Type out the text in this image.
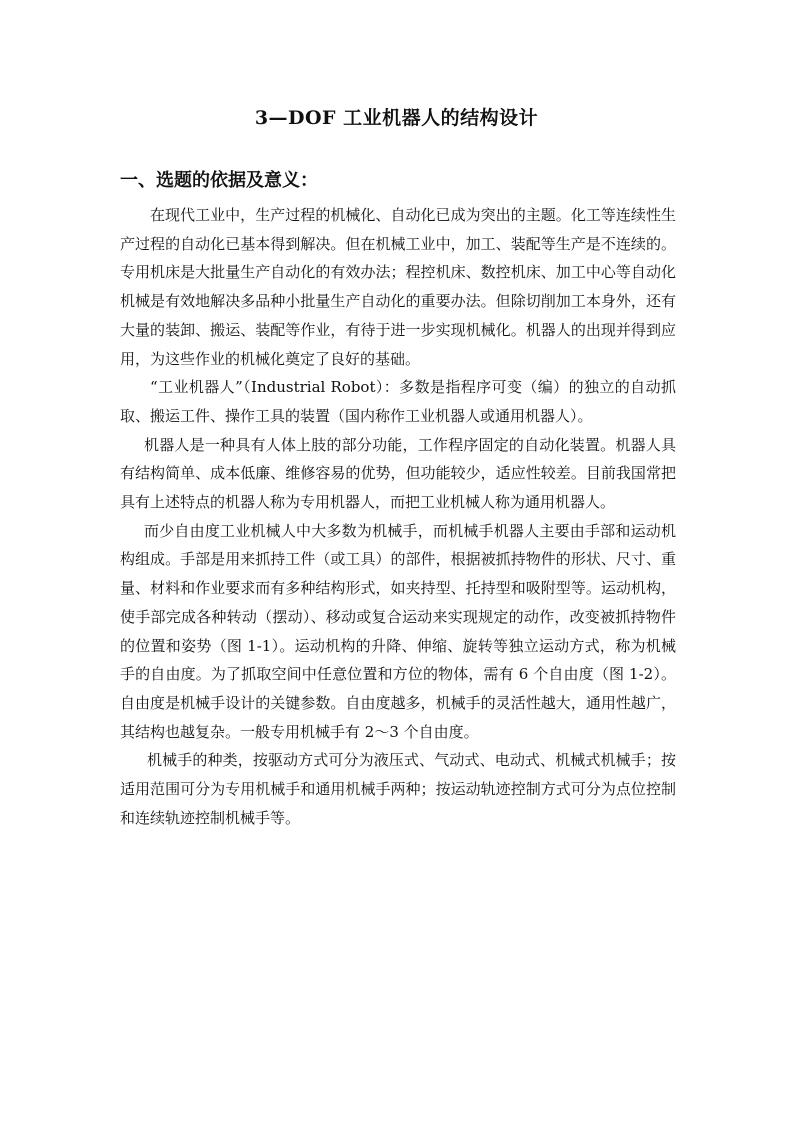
3—DOF 工业机器人的结构设计
一、选题的依据及意义：

在现代工业中，生产过程的机械化、自动化已成为突出的主题。化工等连续性生产过程的自动化已基本得到解决。但在机械工业中，加工、装配等生产是不连续的。专用机床是大批量生产自动化的有效办法；程控机床、数控机床、加工中心等自动化机械是有效地解决多品种小批量生产自动化的重要办法。但除切削加工本身外，还有大量的装卸、搬运、装配等作业，有待于进一步实现机械化。机器人的出现并得到应用，为这些作业的机械化奠定了良好的基础。

“工业机器人”（Industrial Robot）：多数是指程序可变（编）的独立的自动抓取、搬运工件、操作工具的装置（国内称作工业机器人或通用机器人）。

机器人是一种具有人体上肢的部分功能，工作程序固定的自动化装置。机器人具有结构简单、成本低廉、维修容易的优势，但功能较少，适应性较差。目前我国常把具有上述特点的机器人称为专用机器人，而把工业机械人称为通用机器人。

而少自由度工业机械人中大多数为机械手，而机械手机器人主要由手部和运动机构组成。手部是用来抓持工件（或工具）的部件，根据被抓持物件的形状、尺寸、重量、材料和作业要求而有多种结构形式，如夹持型、托持型和吸附型等。运动机构，使手部完成各种转动（摆动）、移动或复合运动来实现规定的动作，改变被抓持物件的位置和姿势（图 1-1）。运动机构的升降、伸缩、旋转等独立运动方式，称为机械手的自由度。为了抓取空间中任意位置和方位的物体，需有 6 个自由度（图 1-2）。自由度是机械手设计的关键参数。自由度越多，机械手的灵活性越大，通用性越广，其结构也越复杂。一般专用机械手有 2～3 个自由度。

机械手的种类，按驱动方式可分为液压式、气动式、电动式、机械式机械手；按适用范围可分为专用机械手和通用机械手两种；按运动轨迹控制方式可分为点位控制和连续轨迹控制机械手等。
